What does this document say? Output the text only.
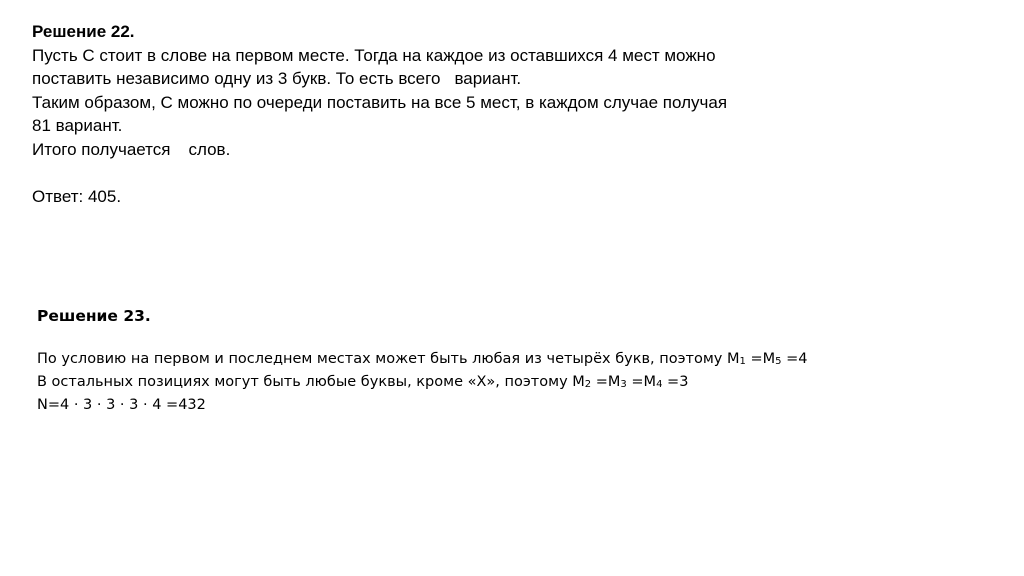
Решение 22.
Пусть С стоит в слове на первом месте. Тогда на каждое из оставшихся 4 мест можно
поставить независимо одну из 3 букв. То есть всего вариант.
Таким образом, С можно по очереди поставить на все 5 мест, в каждом случае получая
81 вариант.
Итого получается слов.
Ответ: 405.
Решение 23.
По условию на первом и последнем местах может быть любая из четырёх букв, поэтому $M_1 =M_5 =4$
В остальных позициях могут быть любые буквы, кроме «Х», поэтому $M_2 =M_3 =M_4 =3$
N=4 · 3 · 3 · 3 · 4 =432
